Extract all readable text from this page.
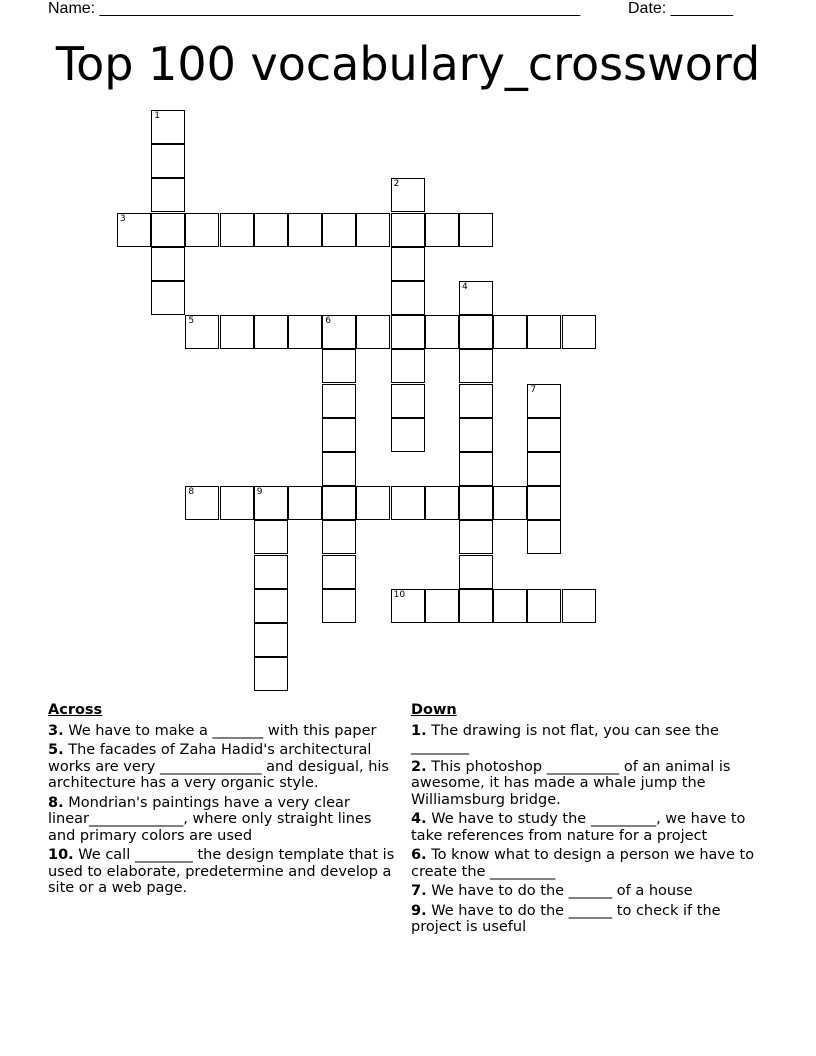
Name: ______________________________________________________	Date: _______
Top 100 vocabulary_crossword
1
2
3
4
5	6
7
8	9
10
Across
3. We have to make a _______ with this paper
5. The facades of Zaha Hadid's architectural works are very ______________ and desigual, his architecture has a very organic style.
8. Mondrian's paintings have a very clear linear_____________, where only straight lines and primary colors are used
10. We call ________ the design template that is used to elaborate, predetermine and develop a site or a web page.
Down
1. The drawing is not flat, you can see the ________
2. This photoshop __________ of an animal is awesome, it has made a whale jump the Williamsburg bridge.
4. We have to study the _________, we have to take references from nature for a project
6. To know what to design a person we have to create the _________
7. We have to do the ______ of a house
9. We have to do the ______ to check if the project is useful
